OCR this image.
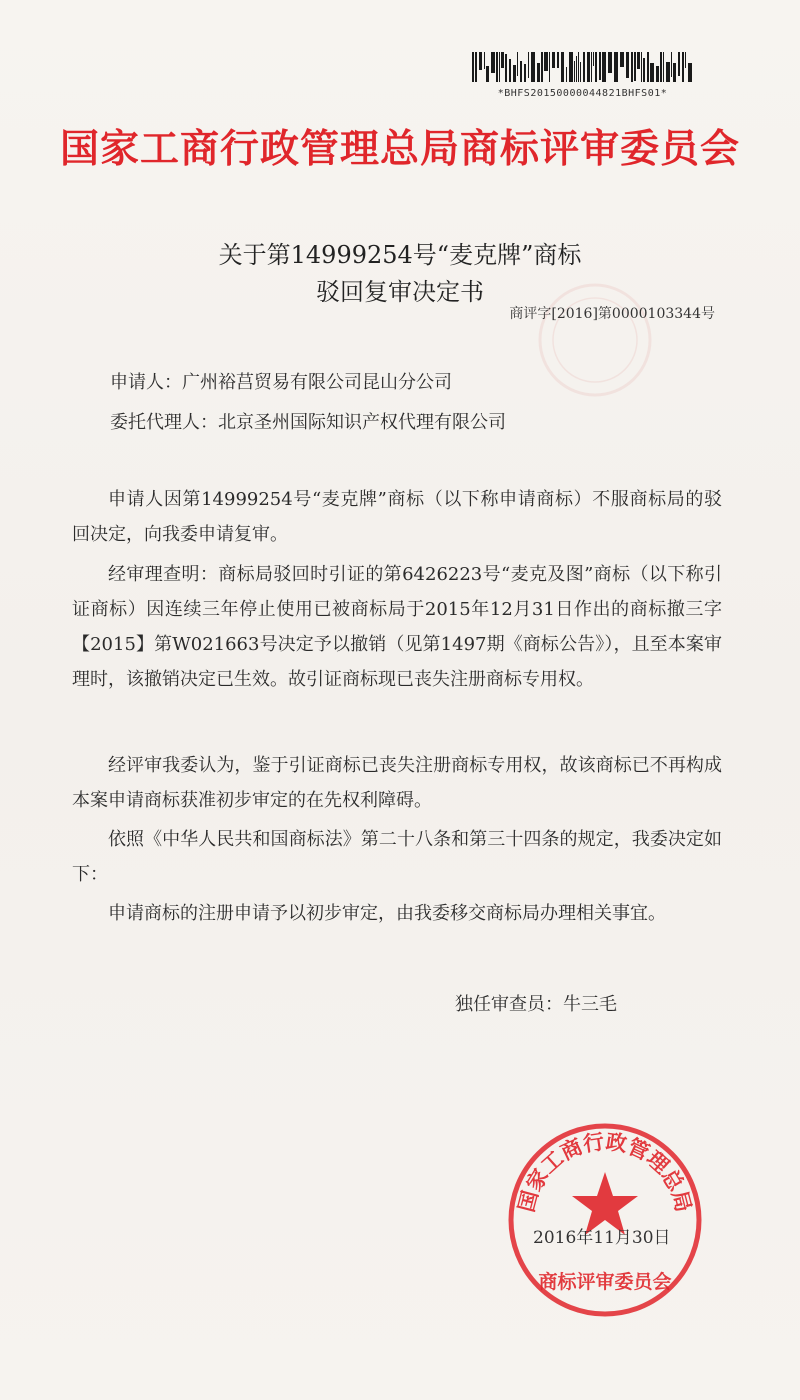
*BHFS20150000044821BHFS01*
国家工商行政管理总局商标评审委员会
关于第14999254号“麦克牌”商标
驳回复审决定书
商评字[2016]第0000103344号
申请人：广州裕莒贸易有限公司昆山分公司
委托代理人：北京圣州国际知识产权代理有限公司

申请人因第14999254号“麦克牌”商标（以下称申请商标）不服商标局的驳回决定，向我委申请复审。

经审理查明：商标局驳回时引证的第6426223号“麦克及图”商标（以下称引证商标）因连续三年停止使用已被商标局于2015年12月31日作出的商标撤三字【2015】第W021663号决定予以撤销（见第1497期《商标公告》），且至本案审理时，该撤销决定已生效。故引证商标现已丧失注册商标专用权。

经评审我委认为，鉴于引证商标已丧失注册商标专用权，故该商标已不再构成本案申请商标获准初步审定的在先权利障碍。

依照《中华人民共和国商标法》第二十八条和第三十四条的规定，我委决定如下：

申请商标的注册申请予以初步审定，由我委移交商标局办理相关事宜。

独任审查员：牛三毛
国家工商行政管理总局
商标评审委员会
2016年11月30日
